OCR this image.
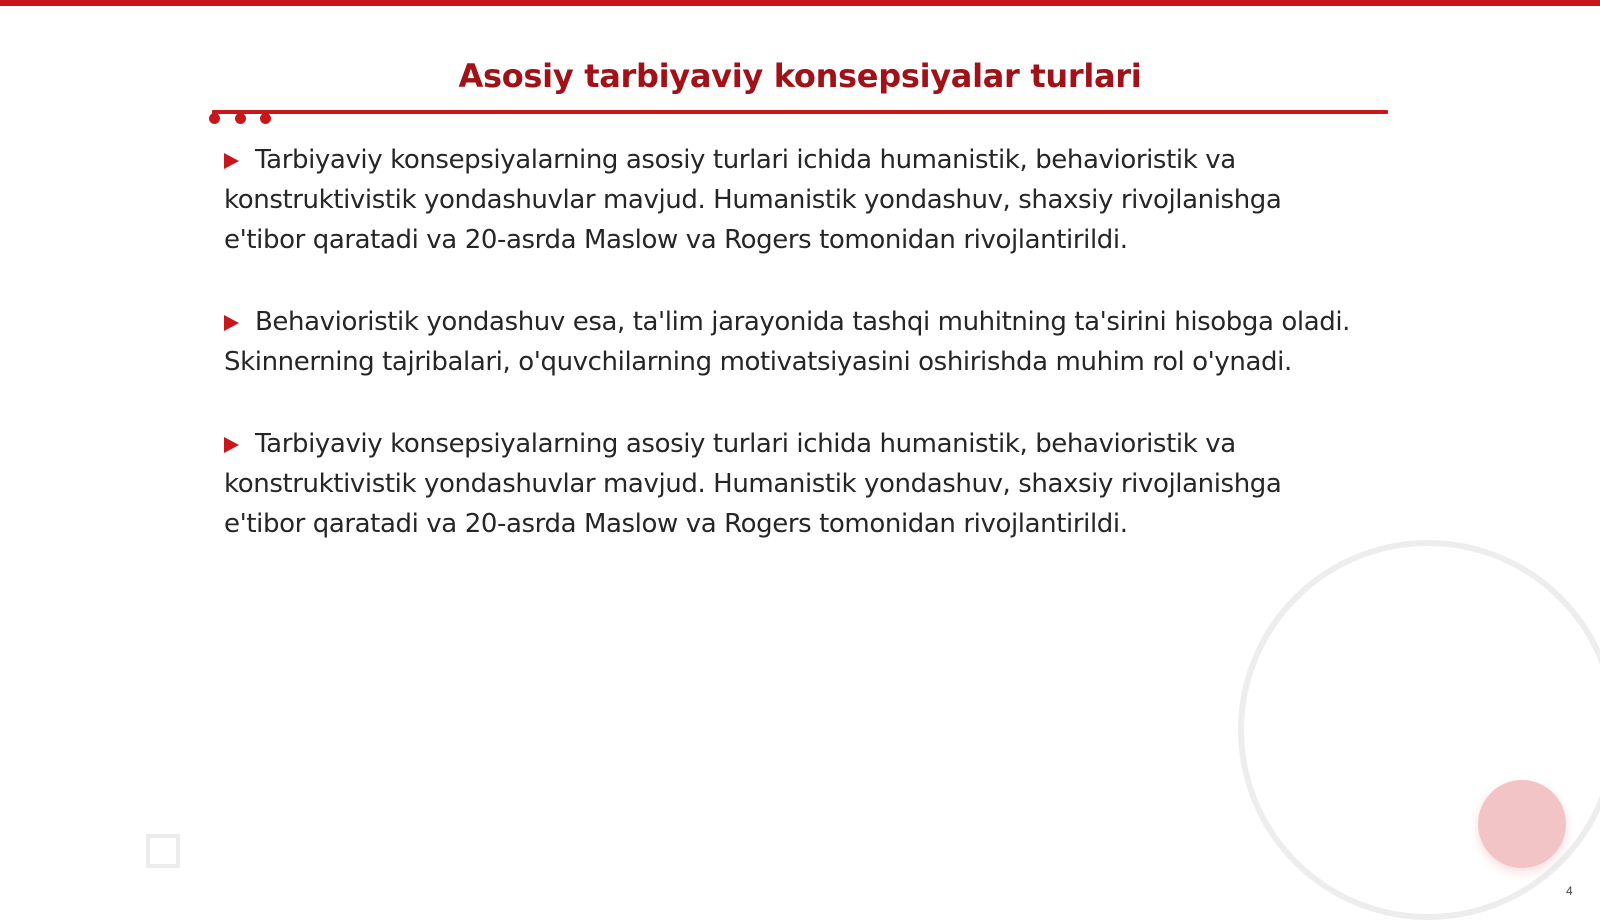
Asosiy tarbiyaviy konsepsiyalar turlari
Tarbiyaviy konsepsiyalarning asosiy turlari ichida humanistik, behavioristik va konstruktivistik yondashuvlar mavjud. Humanistik yondashuv, shaxsiy rivojlanishga e'tibor qaratadi va 20-asrda Maslow va Rogers tomonidan rivojlantirildi.
Behavioristik yondashuv esa, ta'lim jarayonida tashqi muhitning ta'sirini hisobga oladi. Skinnerning tajribalari, o'quvchilarning motivatsiyasini oshirishda muhim rol o'ynadi.
Tarbiyaviy konsepsiyalarning asosiy turlari ichida humanistik, behavioristik va konstruktivistik yondashuvlar mavjud. Humanistik yondashuv, shaxsiy rivojlanishga e'tibor qaratadi va 20-asrda Maslow va Rogers tomonidan rivojlantirildi.
4
